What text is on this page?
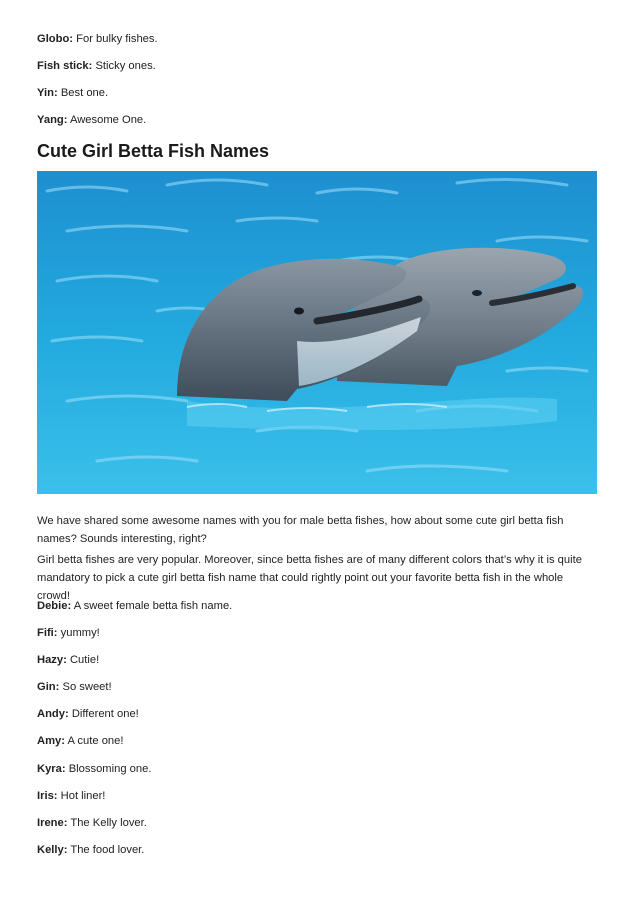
Globo: For bulky fishes.
Fish stick: Sticky ones.
Yin: Best one.
Yang: Awesome One.
Cute Girl Betta Fish Names
We have shared some awesome names with you for male betta fishes, how about some cute girl betta fish names? Sounds interesting, right?
Girl betta fishes are very popular. Moreover, since betta fishes are of many different colors that’s why it is quite mandatory to pick a cute girl betta fish name that could rightly point out your favorite betta fish in the whole crowd!
Debie: A sweet female betta fish name.
Fifi: yummy!
Hazy: Cutie!
Gin: So sweet!
Andy: Different one!
Amy: A cute one!
Kyra: Blossoming one.
Iris: Hot liner!
Irene: The Kelly lover.
Kelly: The food lover.
